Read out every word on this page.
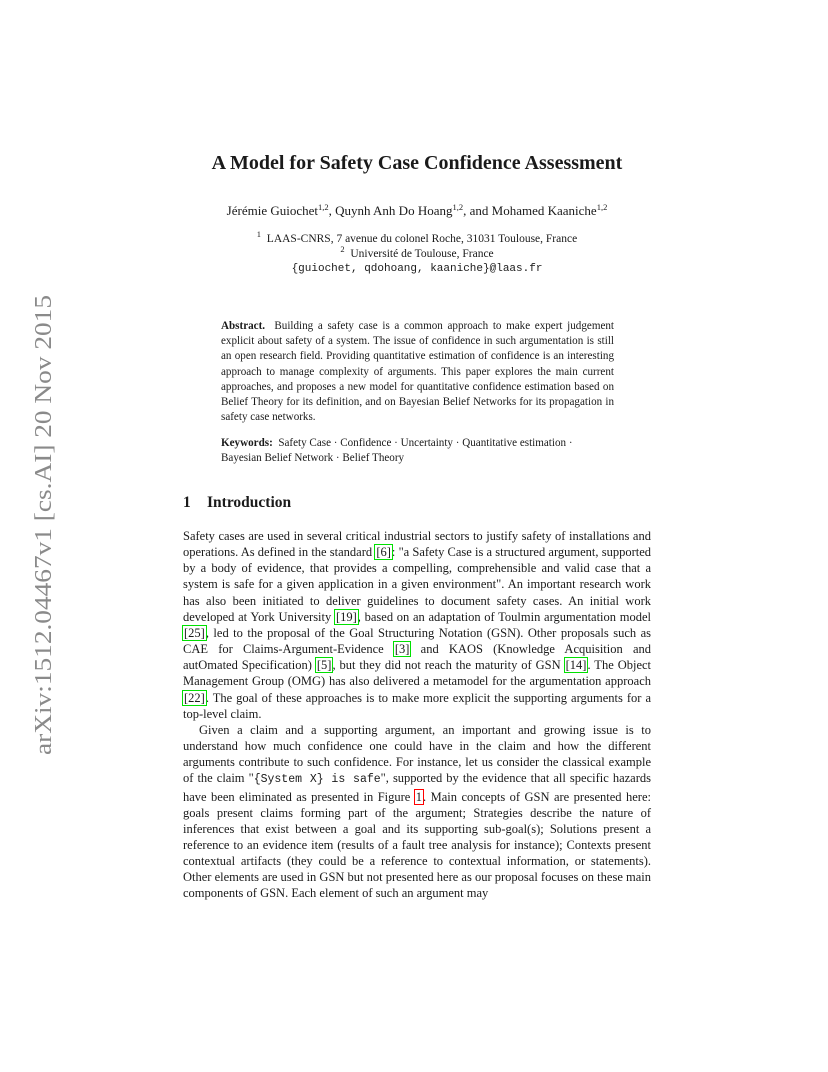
arXiv:1512.04467v1 [cs.AI] 20 Nov 2015
A Model for Safety Case Confidence Assessment
Jérémie Guiochet$^{1,2}$, Quynh Anh Do Hoang$^{1,2}$, and Mohamed Kaaniche$^{1,2}$
$^1$ LAAS-CNRS, 7 avenue du colonel Roche, 31031 Toulouse, France
$^2$ Université de Toulouse, France
{guiochet, qdohoang, kaaniche}@laas.fr

Abstract. Building a safety case is a common approach to make expert judgement explicit about safety of a system. The issue of confidence in such argumentation is still an open research field. Providing quantitative estimation of confidence is an interesting approach to manage complexity of arguments. This paper explores the main current approaches, and proposes a new model for quantitative confidence estimation based on Belief Theory for its definition, and on Bayesian Belief Networks for its propagation in safety case networks.

Keywords: Safety Case · Confidence · Uncertainty · Quantitative estimation · Bayesian Belief Network · Belief Theory

1 Introduction

Safety cases are used in several critical industrial sectors to justify safety of installations and operations. As defined in the standard [6]: "a Safety Case is a structured argument, supported by a body of evidence, that provides a compelling, comprehensible and valid case that a system is safe for a given application in a given environment". An important research work has also been initiated to deliver guidelines to document safety cases. An initial work developed at York University [19], based on an adaptation of Toulmin argumentation model [25], led to the proposal of the Goal Structuring Notation (GSN). Other proposals such as CAE for Claims-Argument-Evidence [3] and KAOS (Knowledge Acquisition and autOmated Specification) [5], but they did not reach the maturity of GSN [14]. The Object Management Group (OMG) has also delivered a metamodel for the argumentation approach [22]. The goal of these approaches is to make more explicit the supporting arguments for a top-level claim.

Given a claim and a supporting argument, an important and growing issue is to understand how much confidence one could have in the claim and how the different arguments contribute to such confidence. For instance, let us consider the classical example of the claim "{System X} is safe", supported by the evidence that all specific hazards have been eliminated as presented in Figure 1. Main concepts of GSN are presented here: goals present claims forming part of the argument; Strategies describe the nature of inferences that exist between a goal and its supporting sub-goal(s); Solutions present a reference to an evidence item (results of a fault tree analysis for instance); Contexts present contextual artifacts (they could be a reference to contextual information, or statements). Other elements are used in GSN but not presented here as our proposal focuses on these main components of GSN. Each element of such an argument may
